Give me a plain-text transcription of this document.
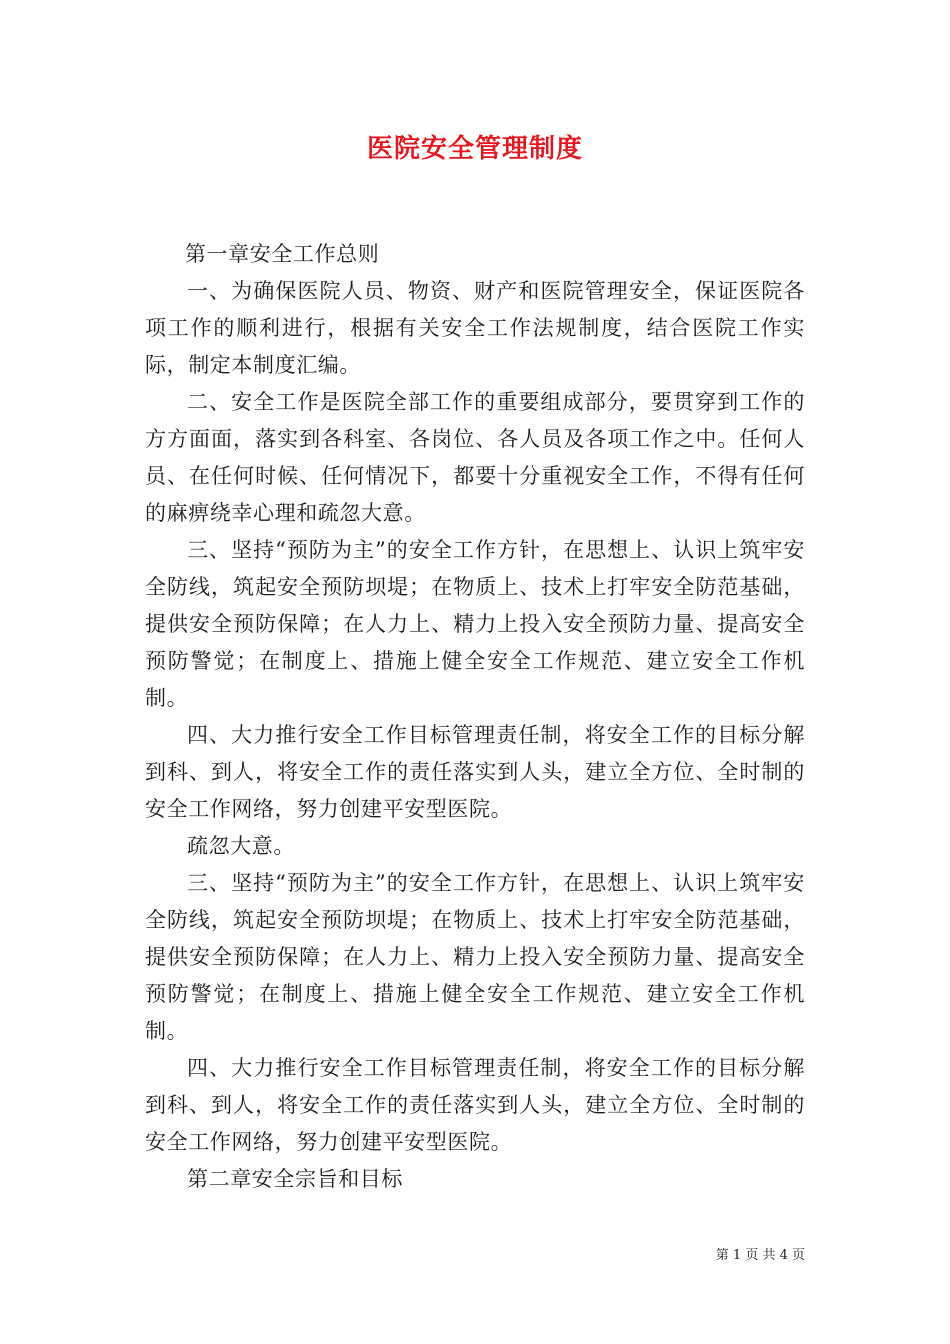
医院安全管理制度

第一章安全工作总则

一、为确保医院人员、物资、财产和医院管理安全，保证医院各项工作的顺利进行，根据有关安全工作法规制度，结合医院工作实际，制定本制度汇编。

二、安全工作是医院全部工作的重要组成部分，要贯穿到工作的方方面面，落实到各科室、各岗位、各人员及各项工作之中。任何人员、在任何时候、任何情况下，都要十分重视安全工作，不得有任何的麻痹绕幸心理和疏忽大意。

三、坚持“预防为主”的安全工作方针，在思想上、认识上筑牢安全防线，筑起安全预防坝堤；在物质上、技术上打牢安全防范基础，提供安全预防保障；在人力上、精力上投入安全预防力量、提高安全预防警觉；在制度上、措施上健全安全工作规范、建立安全工作机制。

四、大力推行安全工作目标管理责任制，将安全工作的目标分解到科、到人，将安全工作的责任落实到人头，建立全方位、全时制的安全工作网络，努力创建平安型医院。

疏忽大意。

三、坚持“预防为主”的安全工作方针，在思想上、认识上筑牢安全防线，筑起安全预防坝堤；在物质上、技术上打牢安全防范基础，提供安全预防保障；在人力上、精力上投入安全预防力量、提高安全预防警觉；在制度上、措施上健全安全工作规范、建立安全工作机制。

四、大力推行安全工作目标管理责任制，将安全工作的目标分解到科、到人，将安全工作的责任落实到人头，建立全方位、全时制的安全工作网络，努力创建平安型医院。

第二章安全宗旨和目标

第 1 页 共 4 页
